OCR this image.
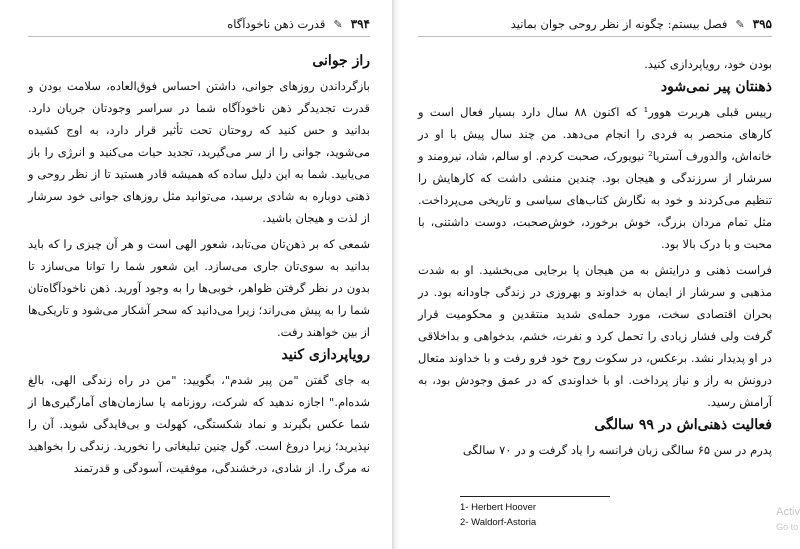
۳۹۴
✎
قدرت ذهن ناخودآگاه
راز جوانی

بازگرداندن روزهای جوانی، داشتن احساس فوق‌العاده، سلامت بودن و قدرت تجدیدگر ذهن ناخودآگاه شما در سراسر وجودتان جریان دارد. بدانید و حس کنید که روحتان تحت تأثیر قرار دارد، به اوج کشیده می‌شوید، جوانی را از سر می‌گیرید، تجدید حیات می‌کنید و انرژی را باز می‌یابید. شما به این دلیل ساده که همیشه قادر هستید تا از نظر روحی و ذهنی دوباره به شادی برسید، می‌توانید مثل روزهای جوانی خود سرشار از لذت و هیجان باشید.

شمعی که بر ذهن‌تان می‌تابد، شعور الهی است و هر آن چیزی را که باید بدانید به سوی‌تان جاری می‌سازد. این شعور شما را توانا می‌سازد تا بدون در نظر گرفتن ظواهر، خوبی‌ها را به وجود آورید. ذهن ناخودآگاه‌تان شما را به پیش می‌راند؛ زیرا می‌دانید که سحر آشکار می‌شود و تاریکی‌ها از بین خواهند رفت.

رویاپردازی کنید

به جای گفتن "من پیر شدم"، بگویید: "من در راه زندگی الهی، بالغ شده‌ام." اجازه ندهید که شرکت، روزنامه یا سازمان‌های آمارگیری‌ها از شما عکس بگیرند و نماد شکستگی، کهولت و بی‌فایدگی شوید. آن را نپذیرید؛ زیرا دروغ است. گول چنین تبلیغاتی را نخورید. زندگی را بخواهید نه مرگ را. از شادی، درخشندگی، موفقیت، آسودگی و قدرتمند

۳۹۵
✎
فصل بیستم: چگونه از نظر روحی جوان بمانید

بودن خود، رویاپردازی کنید.

ذهنتان پیر نمی‌شود

رییس قبلی هربرت هوور¹ که اکنون ۸۸ سال دارد بسیار فعال است و کارهای منحصر به فردی را انجام می‌دهد. من چند سال پیش با او در خانه‌اش، والدورف آستریا² نیویورک، صحبت کردم. او سالم، شاد، نیرومند و سرشار از سرزندگی و هیجان بود. چندین منشی داشت که کارهایش را تنظیم می‌کردند و خود به نگارش کتاب‌های سیاسی و تاریخی می‌پرداخت. مثل تمام مردان بزرگ، خوش برخورد، خوش‌صحبت، دوست داشتنی، با محبت و با درک بالا بود.

فراست ذهنی و درایتش به من هیجان پا برجایی می‌بخشید. او به شدت مذهبی و سرشار از ایمان به خداوند و بهروزی در زندگی جاودانه بود. در بحران اقتصادی سخت، مورد حمله‌ی شدید منتقدین و محکومیت قرار گرفت ولی فشار زیادی را تحمل کرد و نفرت، خشم، بدخواهی و بداخلاقی در او پدیدار نشد. برعکس، در سکوت روح خود فرو رفت و با خداوند متعال درونش به راز و نیاز پرداخت. او با خداوندی که در عمق وجودش بود، به آرامش رسید.

فعالیت ذهنی‌اش در ۹۹ سالگی

پدرم در سن ۶۵ سالگی زبان فرانسه را یاد گرفت و در ۷۰ سالگی

1- Herbert Hoover
2- Waldorf-Astoria
Activ
Go to
